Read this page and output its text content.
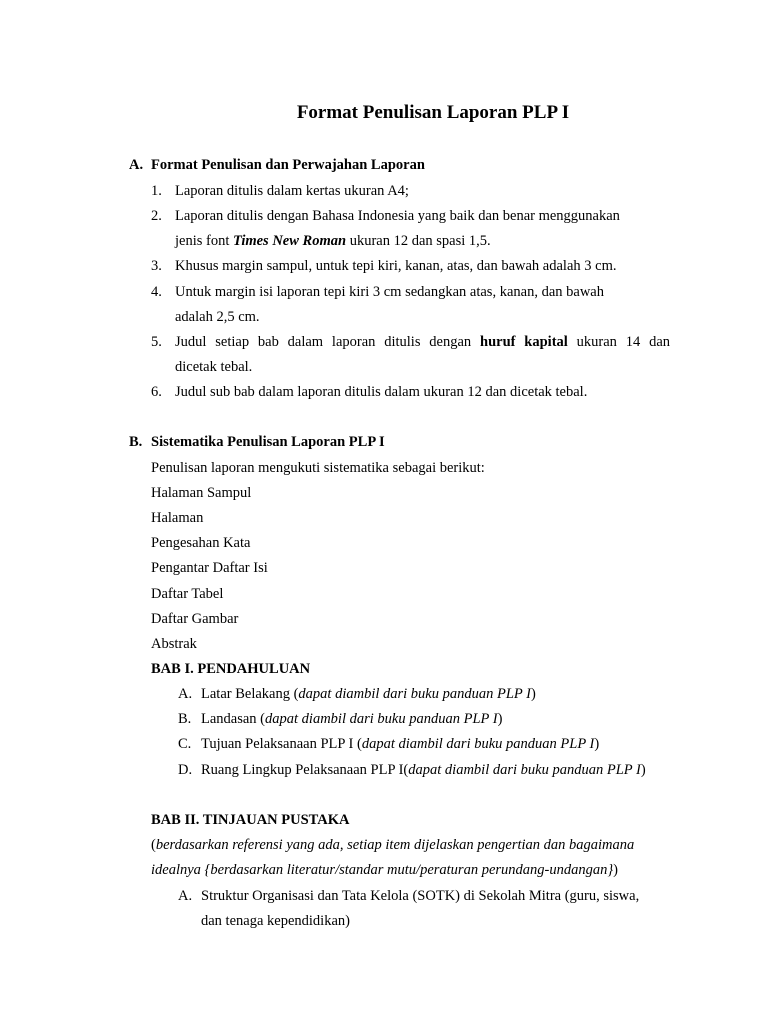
Format Penulisan Laporan PLP I
A. Format Penulisan dan Perwajahan Laporan
1. Laporan ditulis dalam kertas ukuran A4;
2. Laporan ditulis dengan Bahasa Indonesia yang baik dan benar menggunakan
jenis font Times New Roman ukuran 12 dan spasi 1,5.
3. Khusus margin sampul, untuk tepi kiri, kanan, atas, dan bawah adalah 3 cm.
4. Untuk margin isi laporan tepi kiri 3 cm sedangkan atas, kanan, dan bawah
adalah 2,5 cm.
5. Judul setiap bab dalam laporan ditulis dengan huruf kapital ukuran 14 dan
dicetak tebal.
6. Judul sub bab dalam laporan ditulis dalam ukuran 12 dan dicetak tebal.
B. Sistematika Penulisan Laporan PLP I
Penulisan laporan mengukuti sistematika sebagai berikut:
Halaman Sampul
Halaman
Pengesahan Kata
Pengantar Daftar Isi
Daftar Tabel
Daftar Gambar
Abstrak
BAB I. PENDAHULUAN
A. Latar Belakang (dapat diambil dari buku panduan PLP I)
B. Landasan (dapat diambil dari buku panduan PLP I)
C. Tujuan Pelaksanaan PLP I (dapat diambil dari buku panduan PLP I)
D. Ruang Lingkup Pelaksanaan PLP I(dapat diambil dari buku panduan PLP I)
BAB II. TINJAUAN PUSTAKA
(berdasarkan referensi yang ada, setiap item dijelaskan pengertian dan bagaimana idealnya {berdasarkan literatur/standar mutu/peraturan perundang-undangan})
A. Struktur Organisasi dan Tata Kelola (SOTK) di Sekolah Mitra (guru, siswa,
dan tenaga kependidikan)
